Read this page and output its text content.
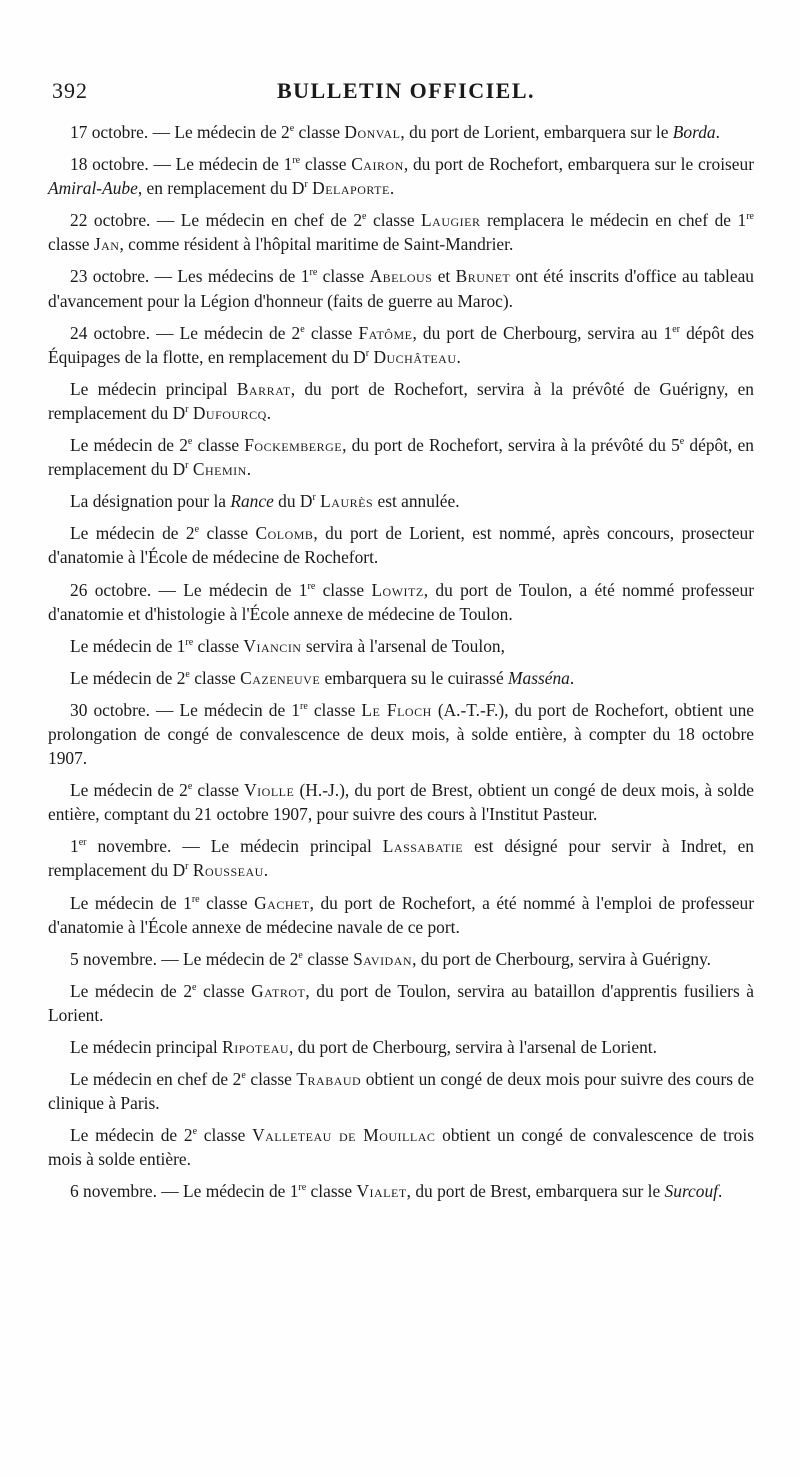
392	BULLETIN OFFICIEL.

17 octobre. — Le médecin de 2e classe Donval, du port de Lorient, embarquera sur le Borda.

18 octobre. — Le médecin de 1re classe Cairon, du port de Rochefort, embarquera sur le croiseur Amiral-Aube, en remplacement du $D^r$ Delaporte.

22 octobre. — Le médecin en chef de 2e classe Laugier remplacera le médecin en chef de 1re classe Jan, comme résident à l'hôpital maritime de Saint-Mandrier.

23 octobre. — Les médecins de 1re classe Abelous et Brunet ont été inscrits d'office au tableau d'avancement pour la Légion d'honneur (faits de guerre au Maroc).

24 octobre. — Le médecin de 2e classe Fatôme, du port de Cherbourg, servira au 1er dépôt des Équipages de la flotte, en remplacement du $D^r$ Duchâteau.

Le médecin principal Barrat, du port de Rochefort, servira à la prévôté de Guérigny, en remplacement du $D^r$ Dufourcq.

Le médecin de 2e classe Fockemberge, du port de Rochefort, servira à la prévôté du 5e dépôt, en remplacement du $D^r$ Chemin.

La désignation pour la Rance du $D^r$ Laurès est annulée.

Le médecin de 2e classe Colomb, du port de Lorient, est nommé, après concours, prosecteur d'anatomie à l'École de médecine de Rochefort.

26 octobre. — Le médecin de 1re classe Lowitz, du port de Toulon, a été nommé professeur d'anatomie et d'histologie à l'École annexe de médecine de Toulon.

Le médecin de 1re classe Viancin servira à l'arsenal de Toulon,

Le médecin de 2e classe Cazeneuve embarquera su le cuirassé Masséna.

30 octobre. — Le médecin de 1re classe Le Floch (A.-T.-F.), du port de Rochefort, obtient une prolongation de congé de convalescence de deux mois, à solde entière, à compter du 18 octobre 1907.

Le médecin de 2e classe Violle (H.-J.), du port de Brest, obtient un congé de deux mois, à solde entière, comptant du 21 octobre 1907, pour suivre des cours à l'Institut Pasteur.

1er novembre. — Le médecin principal Lassabatie est désigné pour servir à Indret, en remplacement du $D^r$ Rousseau.

Le médecin de 1re classe Gachet, du port de Rochefort, a été nommé à l'emploi de professeur d'anatomie à l'École annexe de médecine navale de ce port.

5 novembre. — Le médecin de 2e classe Savidan, du port de Cherbourg, servira à Guérigny.

Le médecin de 2e classe Gatrot, du port de Toulon, servira au bataillon d'apprentis fusiliers à Lorient.

Le médecin principal Ripoteau, du port de Cherbourg, servira à l'arsenal de Lorient.

Le médecin en chef de 2e classe Trabaud obtient un congé de deux mois pour suivre des cours de clinique à Paris.

Le médecin de 2e classe Valleteau de Mouillac obtient un congé de convalescence de trois mois à solde entière.

6 novembre. — Le médecin de 1re classe Vialet, du port de Brest, embarquera sur le Surcouf.
